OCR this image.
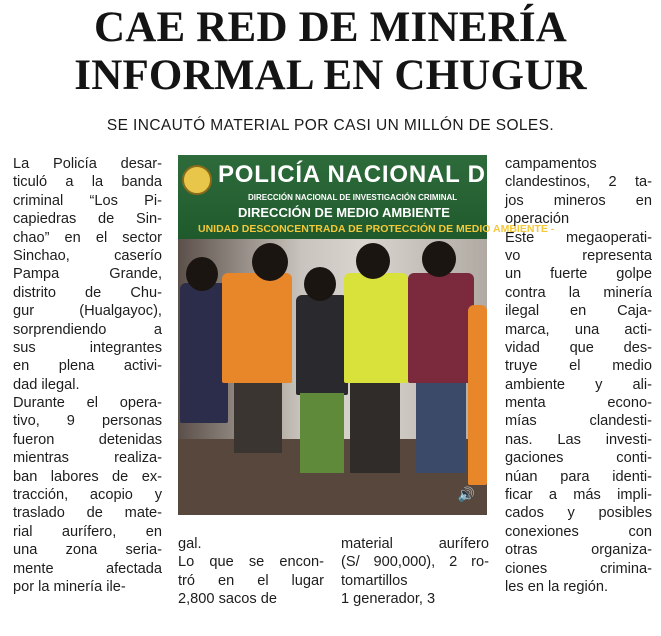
CAE RED DE MINERÍA
INFORMAL EN CHUGUR
SE INCAUTÓ MATERIAL POR CASI UN MILLÓN DE SOLES.
La Policía desar-
ticuló a la banda
criminal “Los Pi-
capiedras de Sin-
chao” en el sector
Sinchao, caserío
Pampa Grande,
distrito de Chu-
gur (Hualgayoc),
sorprendiendo a
sus integrantes
en plena activi-
dad ilegal.
Durante el opera-
tivo, 9 personas
fueron detenidas
mientras realiza-
ban labores de ex-
tracción, acopio y
traslado de mate-
rial aurífero, en
una zona seria-
mente afectada
por la minería ile-
POLICÍA NACIONAL DEL P
DIRECCIÓN NACIONAL DE INVESTIGACIÓN CRIMINAL
DIRECCIÓN DE MEDIO AMBIENTE
UNIDAD DESCONCENTRADA DE PROTECCIÓN DE MEDIO AMBIENTE -
🔊
gal.
Lo que se encon-
tró en el lugar
2,800 sacos de
material aurífero
(S/ 900,000), 2 ro-
tomartillos
1 generador, 3
campamentos
clandestinos, 2 ta-
jos mineros en
operación
Este megaoperati-
vo representa
un fuerte golpe
contra la minería
ilegal en Caja-
marca, una acti-
vidad que des-
truye el medio
ambiente y ali-
menta econo-
mías clandesti-
nas. Las investi-
gaciones conti-
núan para identi-
ficar a más impli-
cados y posibles
conexiones con
otras organiza-
ciones crimina-
les en la región.
